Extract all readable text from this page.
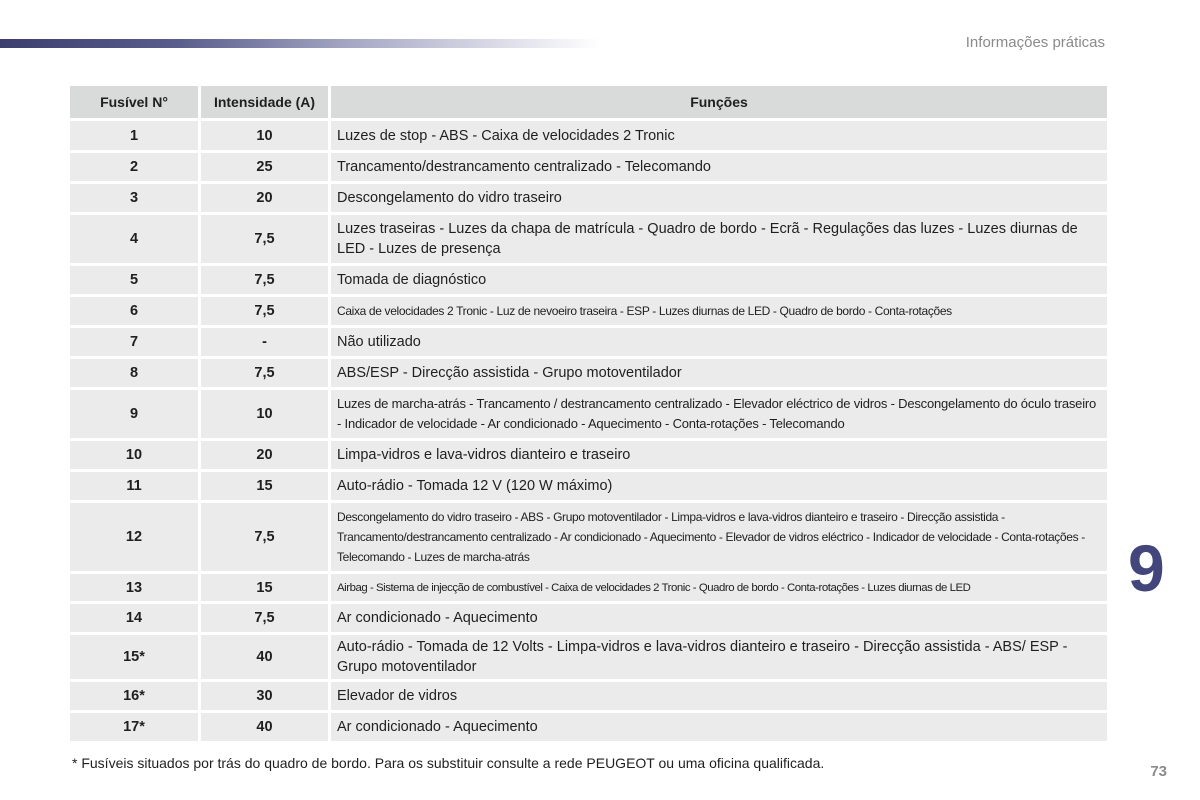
Informações práticas
Fusível N°	Intensidade (A)	Funções
1	10	Luzes de stop - ABS - Caixa de velocidades 2 Tronic
2	25	Trancamento/destrancamento centralizado - Telecomando
3	20	Descongelamento do vidro traseiro
4	7,5	Luzes traseiras - Luzes da chapa de matrícula - Quadro de bordo - Ecrã - Regulações das luzes - Luzes diurnas de LED - Luzes de presença
5	7,5	Tomada de diagnóstico
6	7,5	Caixa de velocidades 2 Tronic - Luz de nevoeiro traseira - ESP - Luzes diurnas de LED - Quadro de bordo - Conta-rotações
7	-	Não utilizado
8	7,5	ABS/ESP - Direcção assistida - Grupo motoventilador
9	10	Luzes de marcha-atrás - Trancamento / destrancamento centralizado - Elevador eléctrico de vidros - Descongelamento do óculo traseiro - Indicador de velocidade - Ar condicionado - Aquecimento - Conta-rotações - Telecomando
10	20	Limpa-vidros e lava-vidros dianteiro e traseiro
11	15	Auto-rádio - Tomada 12 V (120 W máximo)
12	7,5	Descongelamento do vidro traseiro - ABS - Grupo motoventilador - Limpa-vidros e lava-vidros dianteiro e traseiro - Direcção assistida - Trancamento/destrancamento centralizado - Ar condicionado - Aquecimento - Elevador de vidros eléctrico - Indicador de velocidade - Conta-rotações - Telecomando - Luzes de marcha-atrás
13	15	Airbag - Sistema de injecção de combustível - Caixa de velocidades 2 Tronic - Quadro de bordo - Conta-rotações - Luzes diurnas de LED
14	7,5	Ar condicionado - Aquecimento
15*	40	Auto-rádio - Tomada de 12 Volts - Limpa-vidros e lava-vidros dianteiro e traseiro - Direcção assistida - ABS/ ESP - Grupo motoventilador
16*	30	Elevador de vidros
17*	40	Ar condicionado - Aquecimento
9
* Fusíveis situados por trás do quadro de bordo. Para os substituir consulte a rede PEUGEOT ou uma oficina qualificada.	73
